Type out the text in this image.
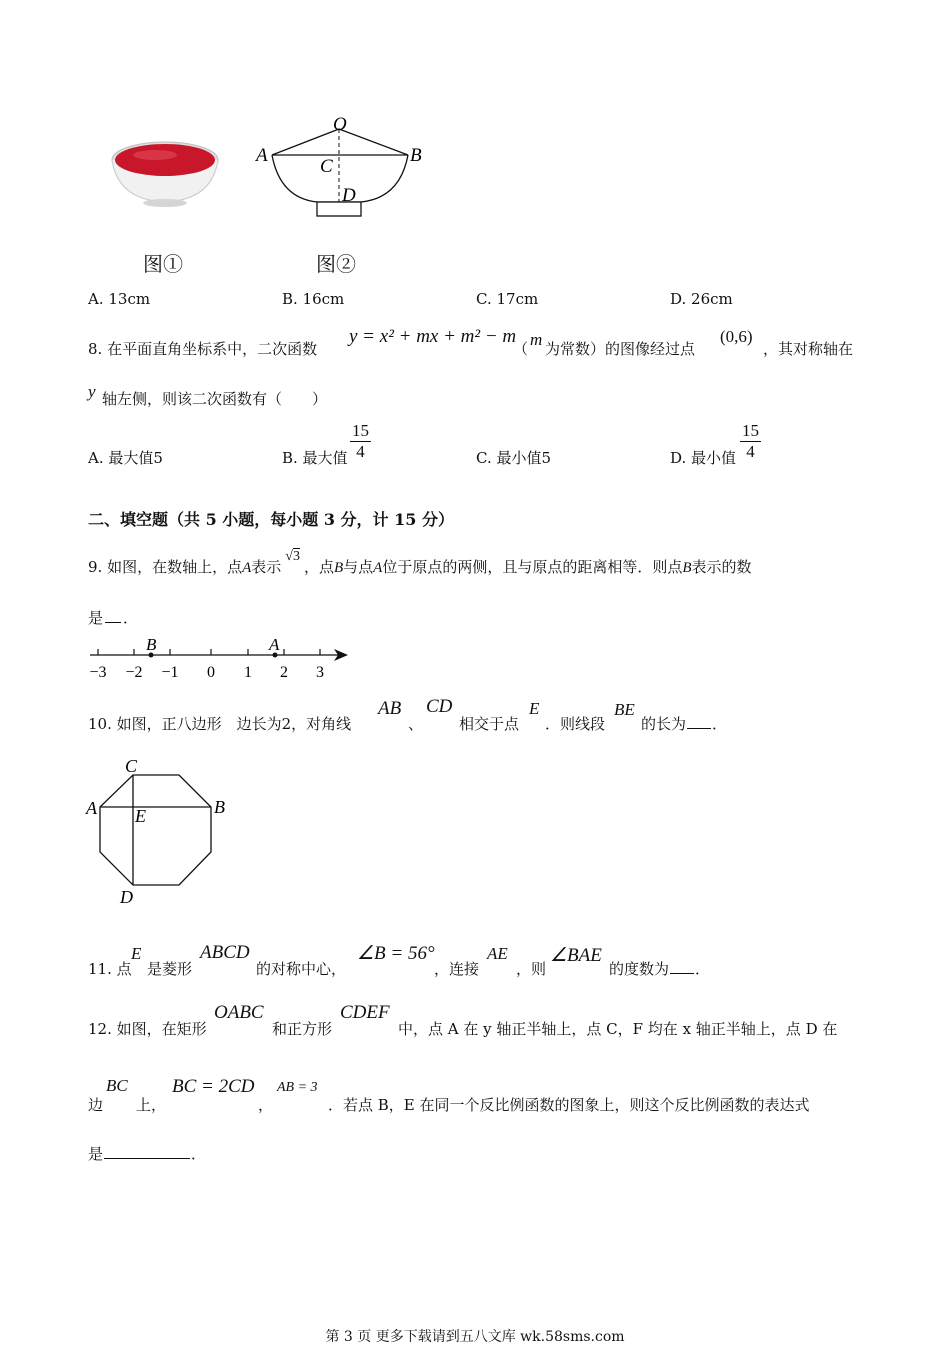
O
A	B
C
D
图①	图②
A. 13cm	B. 16cm	C. 17cm	D. 26cm
8. 在平面直角坐标系中，二次函数
y = x² + mx + m² − m
（ m 为常数）的图像经过点
(0,6)
，其对称轴在
y 轴左侧，则该二次函数有（　　）
A. 最大值5	B. 最大值 $\frac{15}{4}$	C. 最小值5	D. 最小值 $\frac{15}{4}$
二、填空题（共 5 小题，每小题 3 分，计 15 分）
9. 如图，在数轴上，点A表示√3，点B与点A位于原点的两侧，且与原点的距离相等．则点B表示的数
是 ．
−3 −2 −1 0 1 2 3
B	A
10. 如图，正八边形　边长为2，对角线
AB
、
CD
相交于点
E
．则线段
BE
的长为 ．
C
A	B
E
D
11. 点
E
是菱形
ABCD
的对称中心，
∠B = 56°
，连接
AE
，则
∠BAE
的度数为 ．
12. 如图，在矩形
OABC
和正方形
CDEF
中，点 A 在 y 轴正半轴上，点 C，F 均在 x 轴正半轴上，点 D 在
边
BC
上，
BC = 2CD
，
AB = 3
．若点 B，E 在同一个反比例函数的图象上，则这个反比例函数的表达式
是	．
第 3 页 更多下载请到五八文库 wk.58sms.com
